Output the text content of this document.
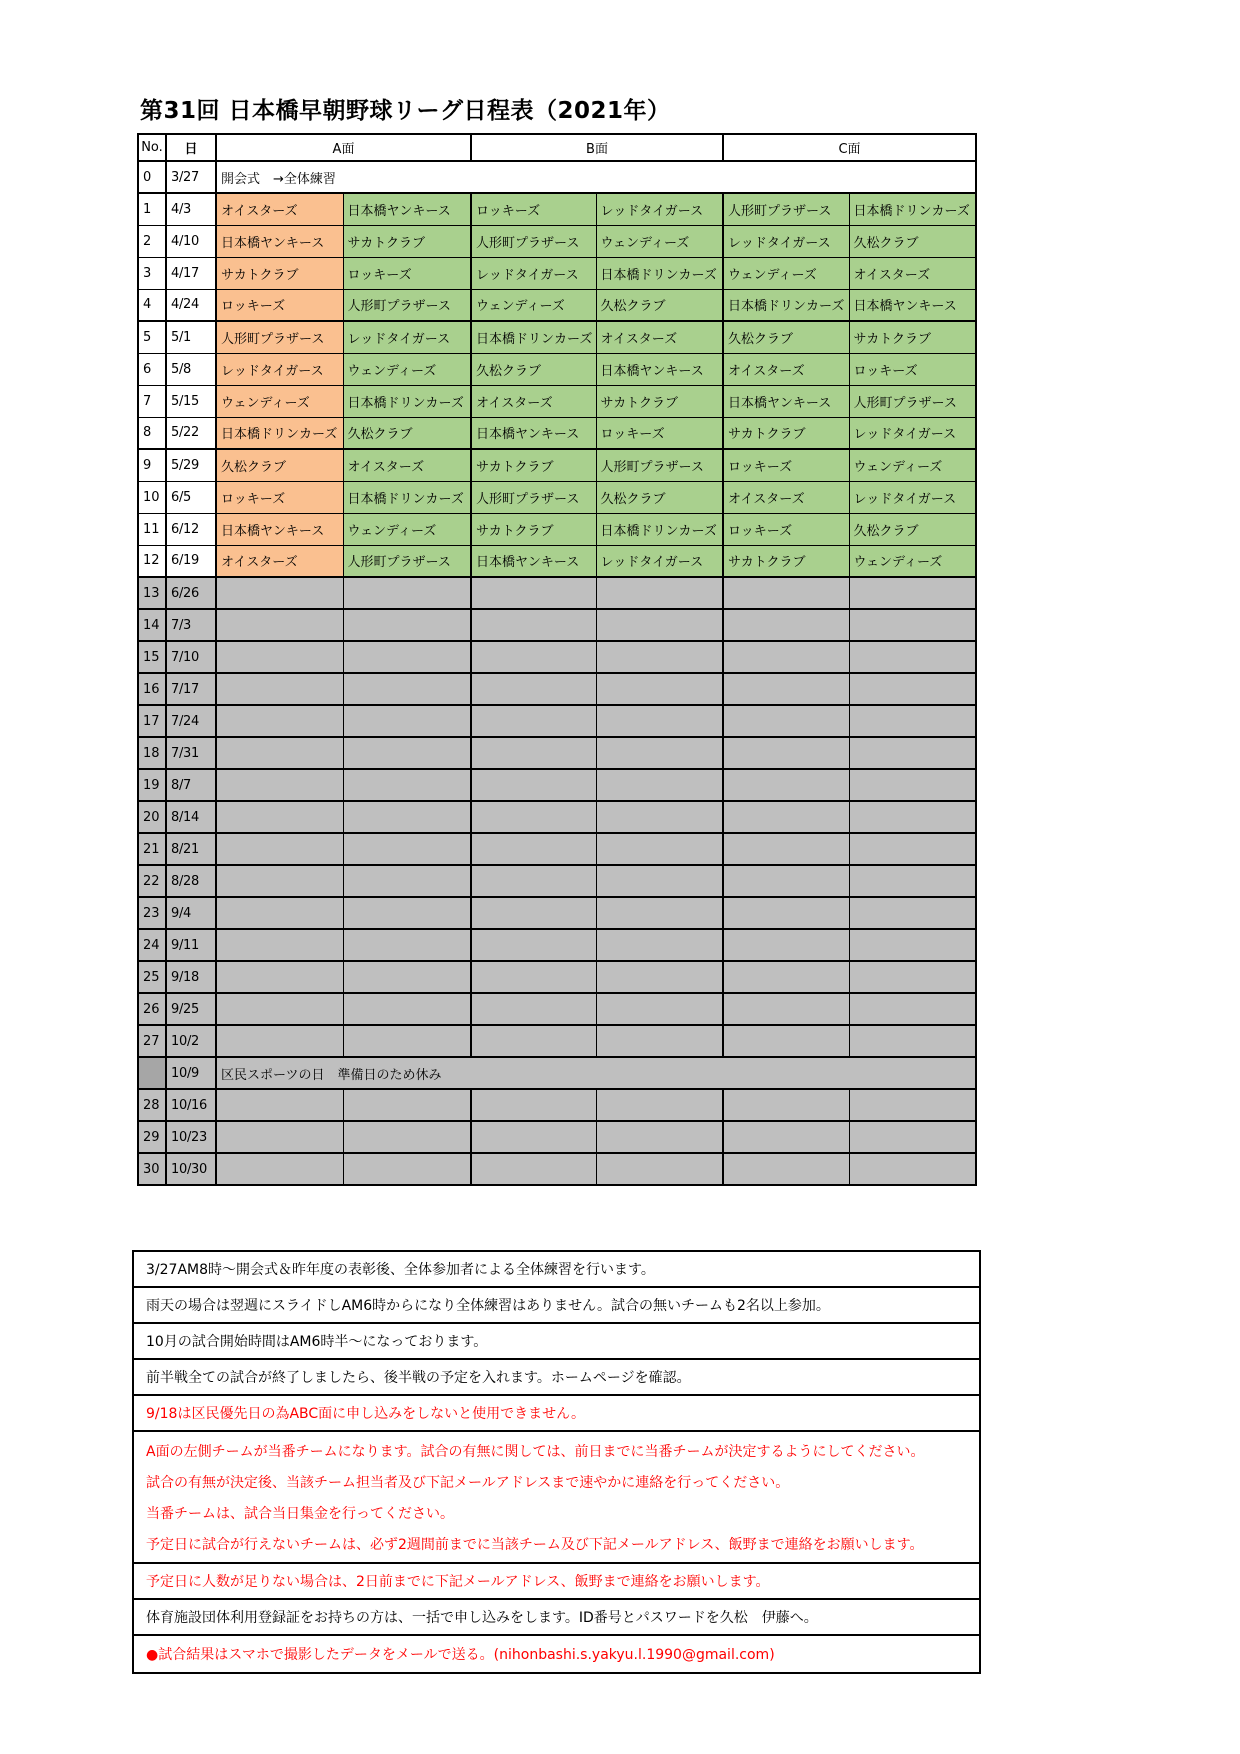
第31回 日本橋早朝野球リーグ日程表（2021年）
No.	日	A面		B面		C面	
0	3/27	開会式　→全体練習					
1	4/3	オイスターズ	日本橋ヤンキース	ロッキーズ	レッドタイガース	人形町プラザース	日本橋ドリンカーズ
2	4/10	日本橋ヤンキース	サカトクラブ	人形町プラザース	ウェンディーズ	レッドタイガース	久松クラブ
3	4/17	サカトクラブ	ロッキーズ	レッドタイガース	日本橋ドリンカーズ	ウェンディーズ	オイスターズ
4	4/24	ロッキーズ	人形町プラザース	ウェンディーズ	久松クラブ	日本橋ドリンカーズ	日本橋ヤンキース
5	5/1	人形町プラザース	レッドタイガース	日本橋ドリンカーズ	オイスターズ	久松クラブ	サカトクラブ
6	5/8	レッドタイガース	ウェンディーズ	久松クラブ	日本橋ヤンキース	オイスターズ	ロッキーズ
7	5/15	ウェンディーズ	日本橋ドリンカーズ	オイスターズ	サカトクラブ	日本橋ヤンキース	人形町プラザース
8	5/22	日本橋ドリンカーズ	久松クラブ	日本橋ヤンキース	ロッキーズ	サカトクラブ	レッドタイガース
9	5/29	久松クラブ	オイスターズ	サカトクラブ	人形町プラザース	ロッキーズ	ウェンディーズ
10	6/5	ロッキーズ	日本橋ドリンカーズ	人形町プラザース	久松クラブ	オイスターズ	レッドタイガース
11	6/12	日本橋ヤンキース	ウェンディーズ	サカトクラブ	日本橋ドリンカーズ	ロッキーズ	久松クラブ
12	6/19	オイスターズ	人形町プラザース	日本橋ヤンキース	レッドタイガース	サカトクラブ	ウェンディーズ
13	6/26						
14	7/3						
15	7/10						
16	7/17						
17	7/24						
18	7/31						
19	8/7						
20	8/14						
21	8/21						
22	8/28						
23	9/4						
24	9/11						
25	9/18						
26	9/25						
27	10/2						
	10/9	区民スポーツの日　準備日のため休み					
28	10/16						
29	10/23						
30	10/30						
3/27AM8時～開会式＆昨年度の表彰後、全体参加者による全体練習を行います。
雨天の場合は翌週にスライドしAM6時からになり全体練習はありません。試合の無いチームも2名以上参加。
10月の試合開始時間はAM6時半～になっております。
前半戦全ての試合が終了しましたら、後半戦の予定を入れます。ホームページを確認。
9/18は区民優先日の為ABC面に申し込みをしないと使用できません。
A面の左側チームが当番チームになります。試合の有無に関しては、前日までに当番チームが決定するようにしてください。
試合の有無が決定後、当該チーム担当者及び下記メールアドレスまで速やかに連絡を行ってください。
当番チームは、試合当日集金を行ってください。
予定日に試合が行えないチームは、必ず2週間前までに当該チーム及び下記メールアドレス、飯野まで連絡をお願いします。
予定日に人数が足りない場合は、2日前までに下記メールアドレス、飯野まで連絡をお願いします。
体育施設団体利用登録証をお持ちの方は、一括で申し込みをします。ID番号とパスワードを久松　伊藤へ。
●試合結果はスマホで撮影したデータをメールで送る。(nihonbashi.s.yakyu.l.1990@gmail.com)
